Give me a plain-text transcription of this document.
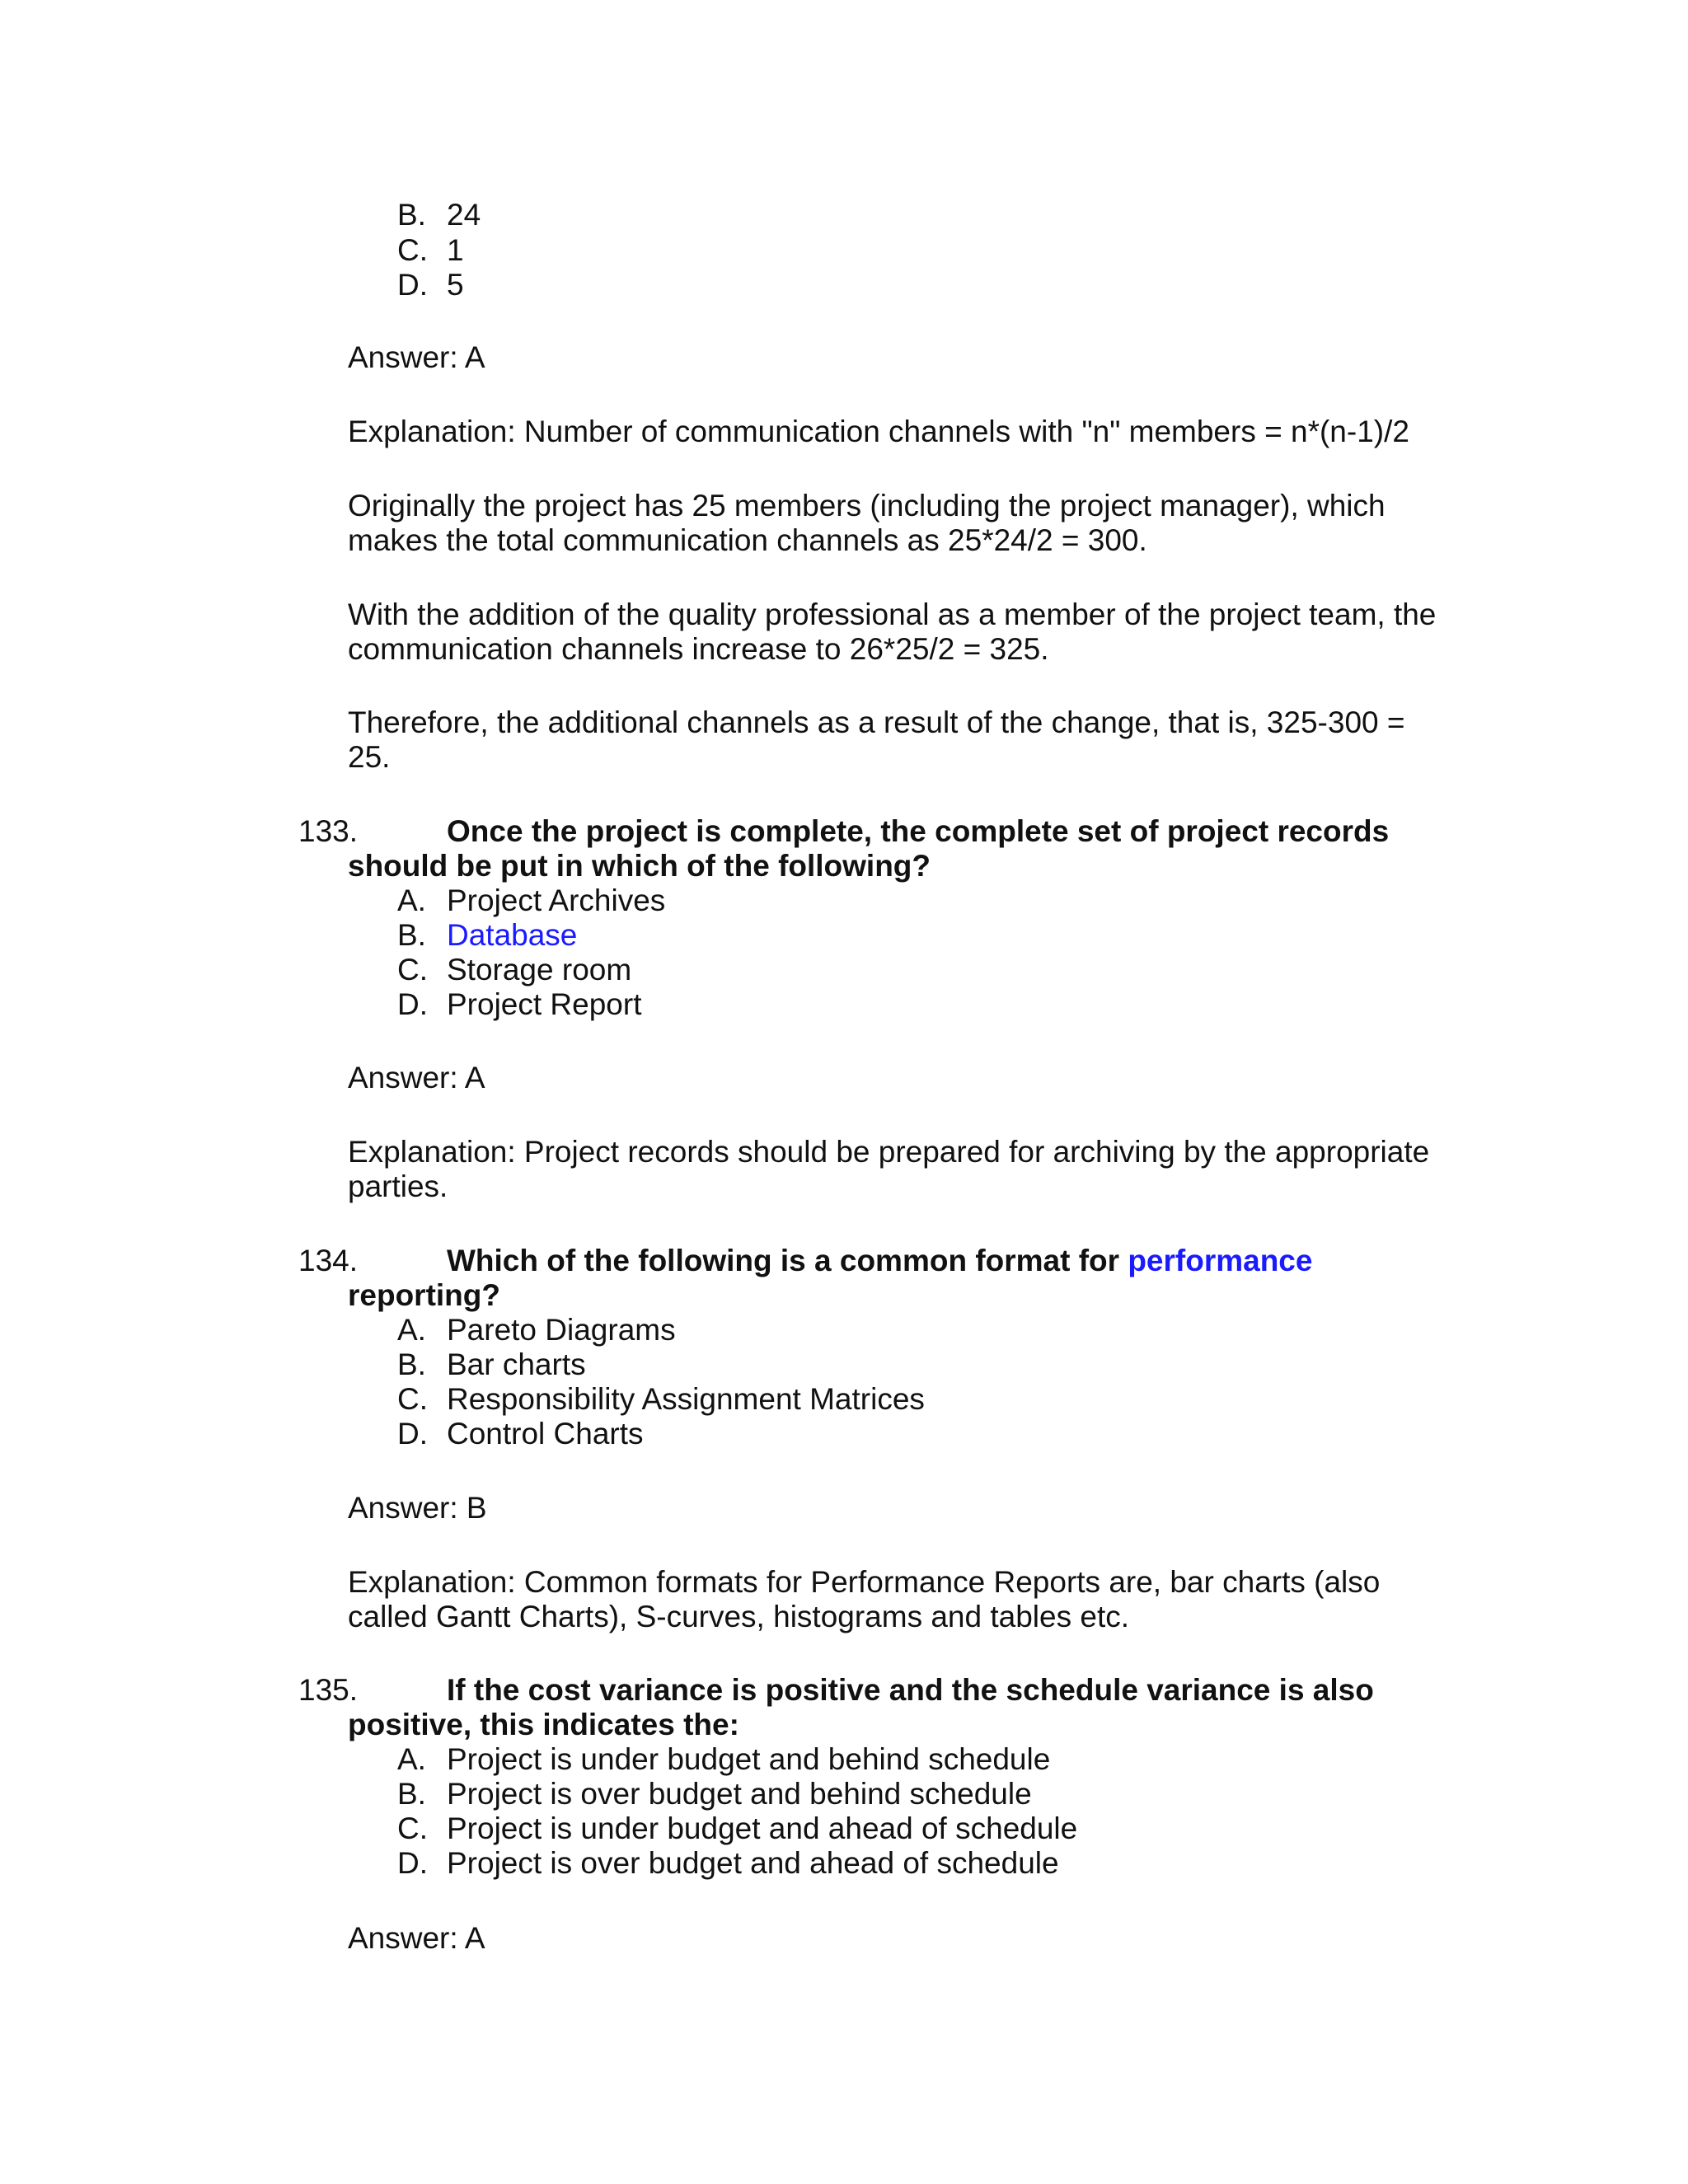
B. 24
C. 1
D. 5
Answer: A
Explanation: Number of communication channels with "n" members = n*(n-1)/2
Originally the project has 25 members (including the project manager), which
makes the total communication channels as 25*24/2 = 300.
With the addition of the quality professional as a member of the project team, the
communication channels increase to 26*25/2 = 325.
Therefore, the additional channels as a result of the change, that is, 325-300 =
25.
133.	Once the project is complete, the complete set of project records
should be put in which of the following?
A. Project Archives
B. Database
C. Storage room
D. Project Report
Answer: A
Explanation: Project records should be prepared for archiving by the appropriate
parties.
134.	Which of the following is a common format for performance
reporting?
A. Pareto Diagrams
B. Bar charts
C. Responsibility Assignment Matrices
D. Control Charts
Answer: B
Explanation: Common formats for Performance Reports are, bar charts (also
called Gantt Charts), S-curves, histograms and tables etc.
135.	If the cost variance is positive and the schedule variance is also
positive, this indicates the:
A. Project is under budget and behind schedule
B. Project is over budget and behind schedule
C. Project is under budget and ahead of schedule
D. Project is over budget and ahead of schedule
Answer: A
